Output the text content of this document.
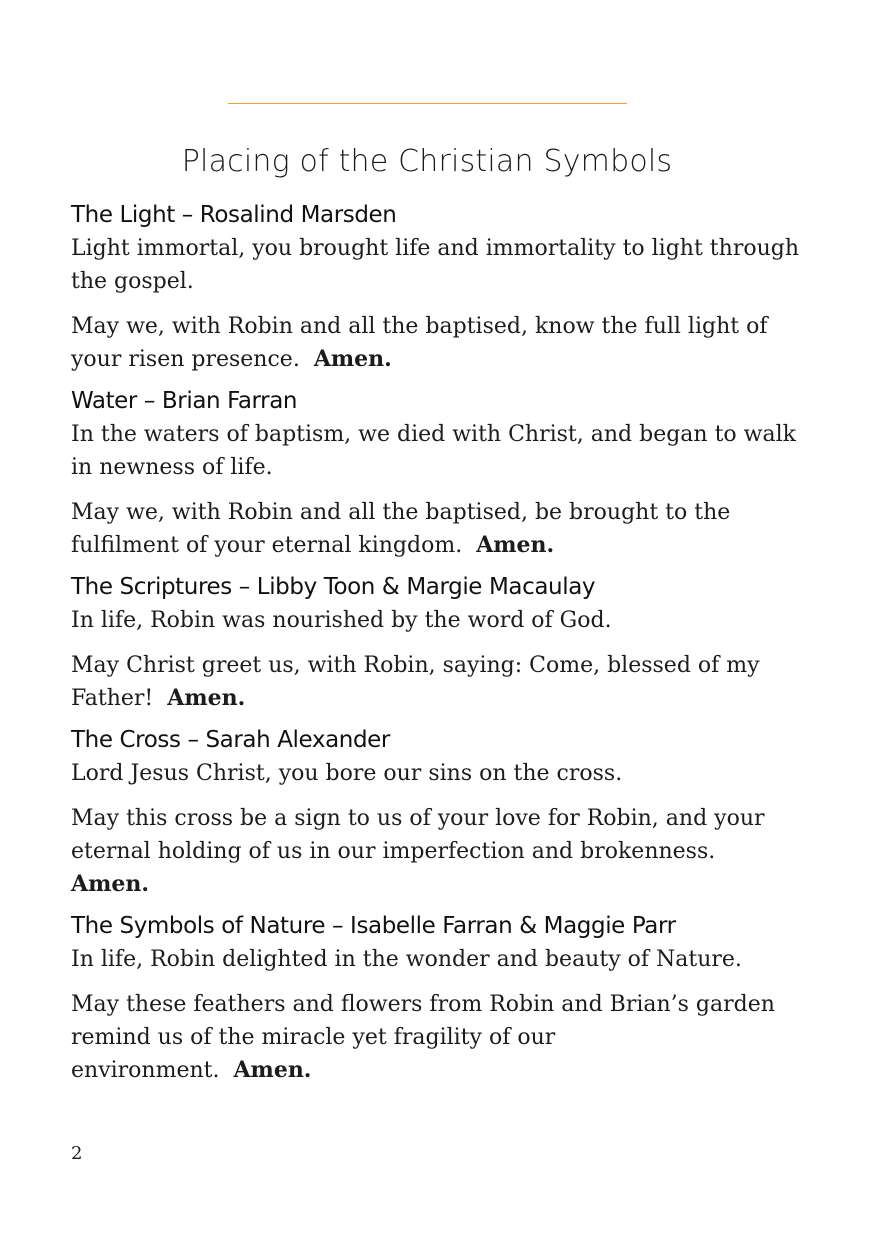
Placing of the Christian Symbols
The Light – Rosalind Marsden

Light immortal, you brought life and immortality to light through the gospel.

May we, with Robin and all the baptised, know the full light of your risen presence. Amen.

Water – Brian Farran

In the waters of baptism, we died with Christ, and began to walk in newness of life.

May we, with Robin and all the baptised, be brought to the fulfilment of your eternal kingdom. Amen.

The Scriptures – Libby Toon & Margie Macaulay

In life, Robin was nourished by the word of God.

May Christ greet us, with Robin, saying: Come, blessed of my Father! Amen.

The Cross – Sarah Alexander

Lord Jesus Christ, you bore our sins on the cross.

May this cross be a sign to us of your love for Robin, and your eternal holding of us in our imperfection and brokenness.
Amen.

The Symbols of Nature – Isabelle Farran & Maggie Parr

In life, Robin delighted in the wonder and beauty of Nature.

May these feathers and flowers from Robin and Brian’s garden remind us of the miracle yet fragility of our environment. Amen.

2
